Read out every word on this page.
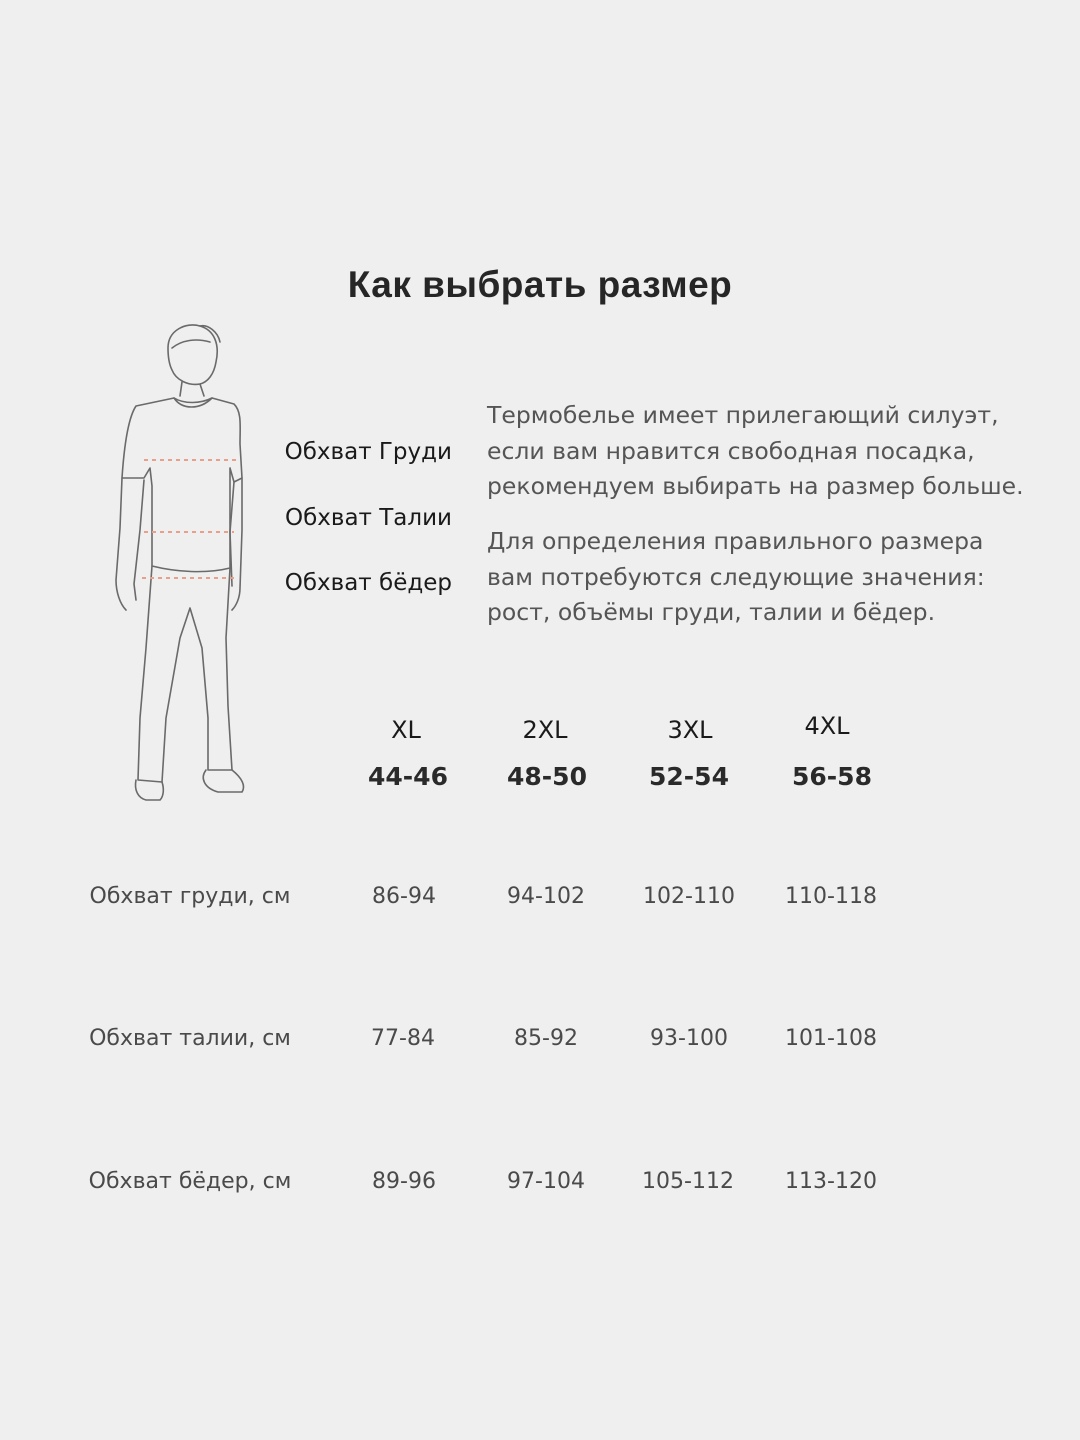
Как выбрать размер
Обхват Груди
Обхват Талии
Обхват бёдер
Термобелье имеет прилегающий силуэт,
если вам нравится свободная посадка,
рекомендуем выбирать на размер больше.
Для определения правильного размера
вам потребуются следующие значения:
рост, объёмы груди, талии и бёдер.
XL	2XL	3XL	4XL
44-46	48-50	52-54	56-58
Обхват груди, см	86-94	94-102	102-110	110-118
Обхват талии, см	77-84	85-92	93-100	101-108
Обхват бёдер, см	89-96	97-104	105-112	113-120
